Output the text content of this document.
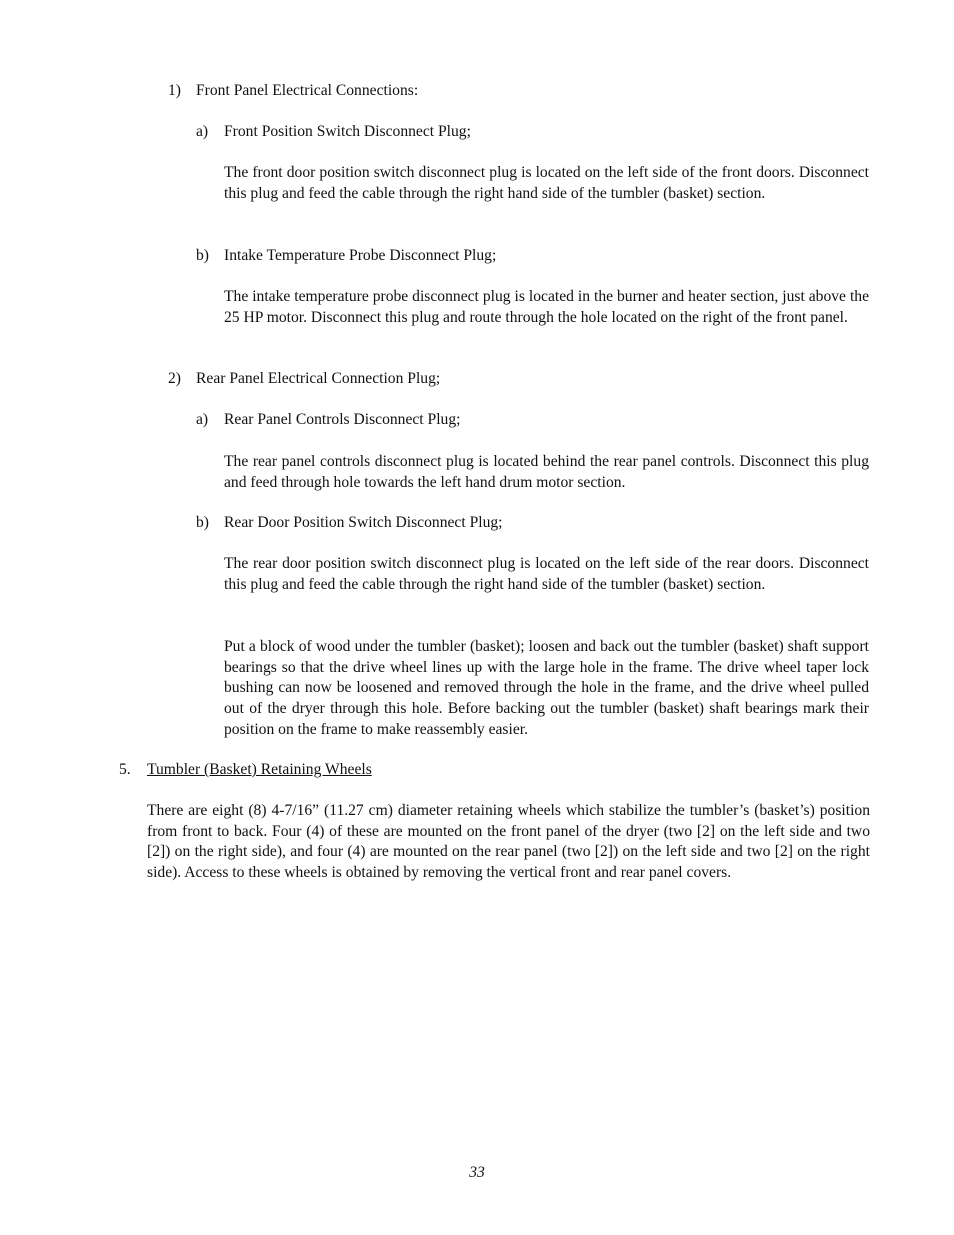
1) Front Panel Electrical Connections:
a) Front Position Switch Disconnect Plug;

The front door position switch disconnect plug is located on the left side of the front doors. Disconnect this plug and feed the cable through the right hand side of the tumbler (basket) section.

b) Intake Temperature Probe Disconnect Plug;

The intake temperature probe disconnect plug is located in the burner and heater section, just above the 25 HP motor. Disconnect this plug and route through the hole located on the right of the front panel.

2) Rear Panel Electrical Connection Plug;
a) Rear Panel Controls Disconnect Plug;

The rear panel controls disconnect plug is located behind the rear panel controls. Disconnect this plug and feed through hole towards the left hand drum motor section.

b) Rear Door Position Switch Disconnect Plug;

The rear door position switch disconnect plug is located on the left side of the rear doors. Disconnect this plug and feed the cable through the right hand side of the tumbler (basket) section.

Put a block of wood under the tumbler (basket); loosen and back out the tumbler (basket) shaft support bearings so that the drive wheel lines up with the large hole in the frame. The drive wheel taper lock bushing can now be loosened and removed through the hole in the frame, and the drive wheel pulled out of the dryer through this hole. Before backing out the tumbler (basket) shaft bearings mark their position on the frame to make reassembly easier.

5. Tumbler (Basket) Retaining Wheels

There are eight (8) 4-7/16” (11.27 cm) diameter retaining wheels which stabilize the tumbler’s (basket’s) position from front to back. Four (4) of these are mounted on the front panel of the dryer (two [2] on the left side and two [2]) on the right side), and four (4) are mounted on the rear panel (two [2]) on the left side and two [2] on the right side). Access to these wheels is obtained by removing the vertical front and rear panel covers.

33
